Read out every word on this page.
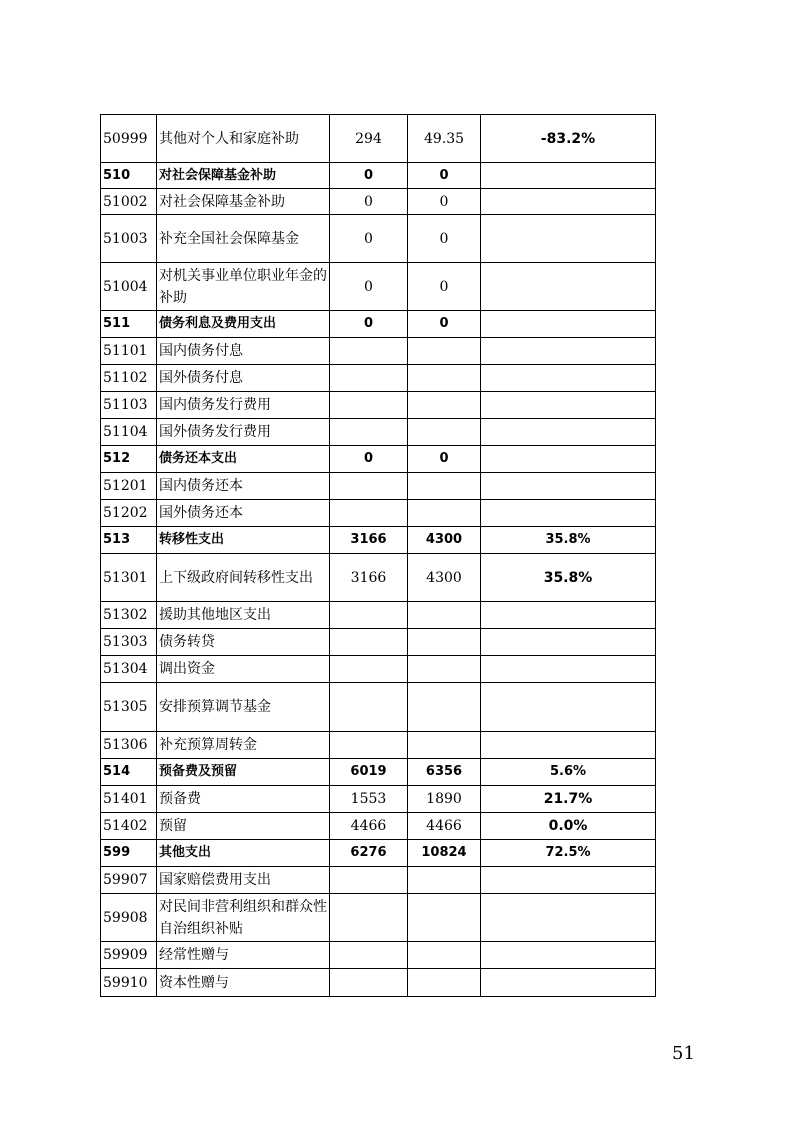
50999	其他对个人和家庭补助	294	49.35	-83.2%
510	对社会保障基金补助	0	0	
51002	对社会保障基金补助	0	0	
51003	补充全国社会保障基金	0	0	
51004	对机关事业单位职业年金的补助	0	0	
511	债务利息及费用支出	0	0	
51101	国内债务付息			
51102	国外债务付息			
51103	国内债务发行费用			
51104	国外债务发行费用			
512	债务还本支出	0	0	
51201	国内债务还本			
51202	国外债务还本			
513	转移性支出	3166	4300	35.8%
51301	上下级政府间转移性支出	3166	4300	35.8%
51302	援助其他地区支出			
51303	债务转贷			
51304	调出资金			
51305	安排预算调节基金			
51306	补充预算周转金			
514	预备费及预留	6019	6356	5.6%
51401	预备费	1553	1890	21.7%
51402	预留	4466	4466	0.0%
599	其他支出	6276	10824	72.5%
59907	国家赔偿费用支出			
59908	对民间非营利组织和群众性自治组织补贴			
59909	经常性赠与			
59910	资本性赠与			
51
